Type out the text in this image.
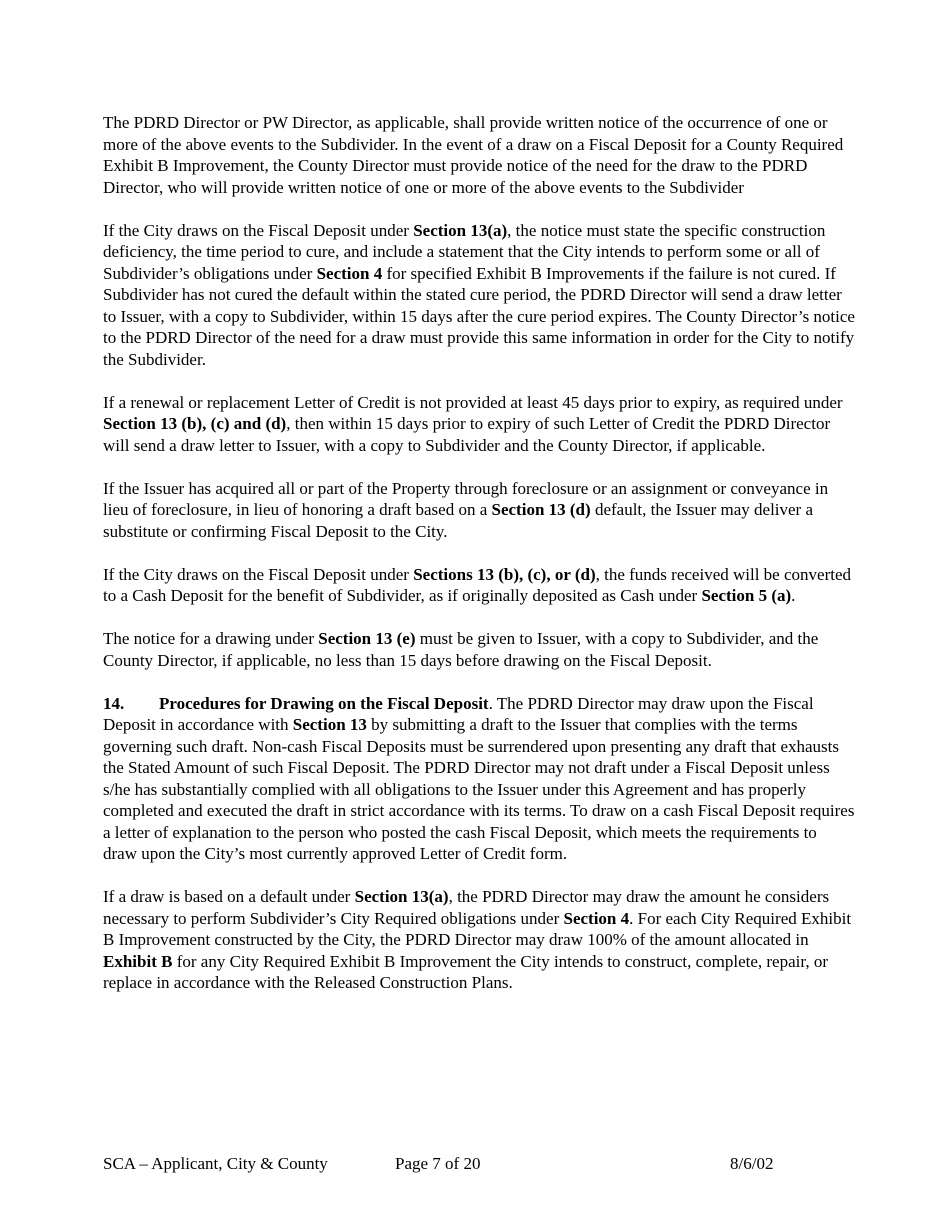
The PDRD Director or PW Director, as applicable, shall provide written notice of the occurrence of one or more of the above events to the Subdivider. In the event of a draw on a Fiscal Deposit for a County Required Exhibit B Improvement, the County Director must provide notice of the need for the draw to the PDRD Director, who will provide written notice of one or more of the above events to the Subdivider

If the City draws on the Fiscal Deposit under Section 13(a), the notice must state the specific construction deficiency, the time period to cure, and include a statement that the City intends to perform some or all of Subdivider’s obligations under Section 4 for specified Exhibit B Improvements if the failure is not cured. If Subdivider has not cured the default within the stated cure period, the PDRD Director will send a draw letter to Issuer, with a copy to Subdivider, within 15 days after the cure period expires. The County Director’s notice to the PDRD Director of the need for a draw must provide this same information in order for the City to notify the Subdivider.

If a renewal or replacement Letter of Credit is not provided at least 45 days prior to expiry, as required under Section 13 (b), (c) and (d), then within 15 days prior to expiry of such Letter of Credit the PDRD Director will send a draw letter to Issuer, with a copy to Subdivider and the County Director, if applicable.

If the Issuer has acquired all or part of the Property through foreclosure or an assignment or conveyance in lieu of foreclosure, in lieu of honoring a draft based on a Section 13 (d) default, the Issuer may deliver a substitute or confirming Fiscal Deposit to the City.

If the City draws on the Fiscal Deposit under Sections 13 (b), (c), or (d), the funds received will be converted to a Cash Deposit for the benefit of Subdivider, as if originally deposited as Cash under Section 5 (a).

The notice for a drawing under Section 13 (e) must be given to Issuer, with a copy to Subdivider, and the County Director, if applicable, no less than 15 days before drawing on the Fiscal Deposit.

14. Procedures for Drawing on the Fiscal Deposit. The PDRD Director may draw upon the Fiscal Deposit in accordance with Section 13 by submitting a draft to the Issuer that complies with the terms governing such draft. Non-cash Fiscal Deposits must be surrendered upon presenting any draft that exhausts the Stated Amount of such Fiscal Deposit. The PDRD Director may not draft under a Fiscal Deposit unless s/he has substantially complied with all obligations to the Issuer under this Agreement and has properly completed and executed the draft in strict accordance with its terms. To draw on a cash Fiscal Deposit requires a letter of explanation to the person who posted the cash Fiscal Deposit, which meets the requirements to draw upon the City’s most currently approved Letter of Credit form.

If a draw is based on a default under Section 13(a), the PDRD Director may draw the amount he considers necessary to perform Subdivider’s City Required obligations under Section 4. For each City Required Exhibit B Improvement constructed by the City, the PDRD Director may draw 100% of the amount allocated in Exhibit B for any City Required Exhibit B Improvement the City intends to construct, complete, repair, or replace in accordance with the Released Construction Plans.

SCA – Applicant, City & County	Page 7 of 20	8/6/02
